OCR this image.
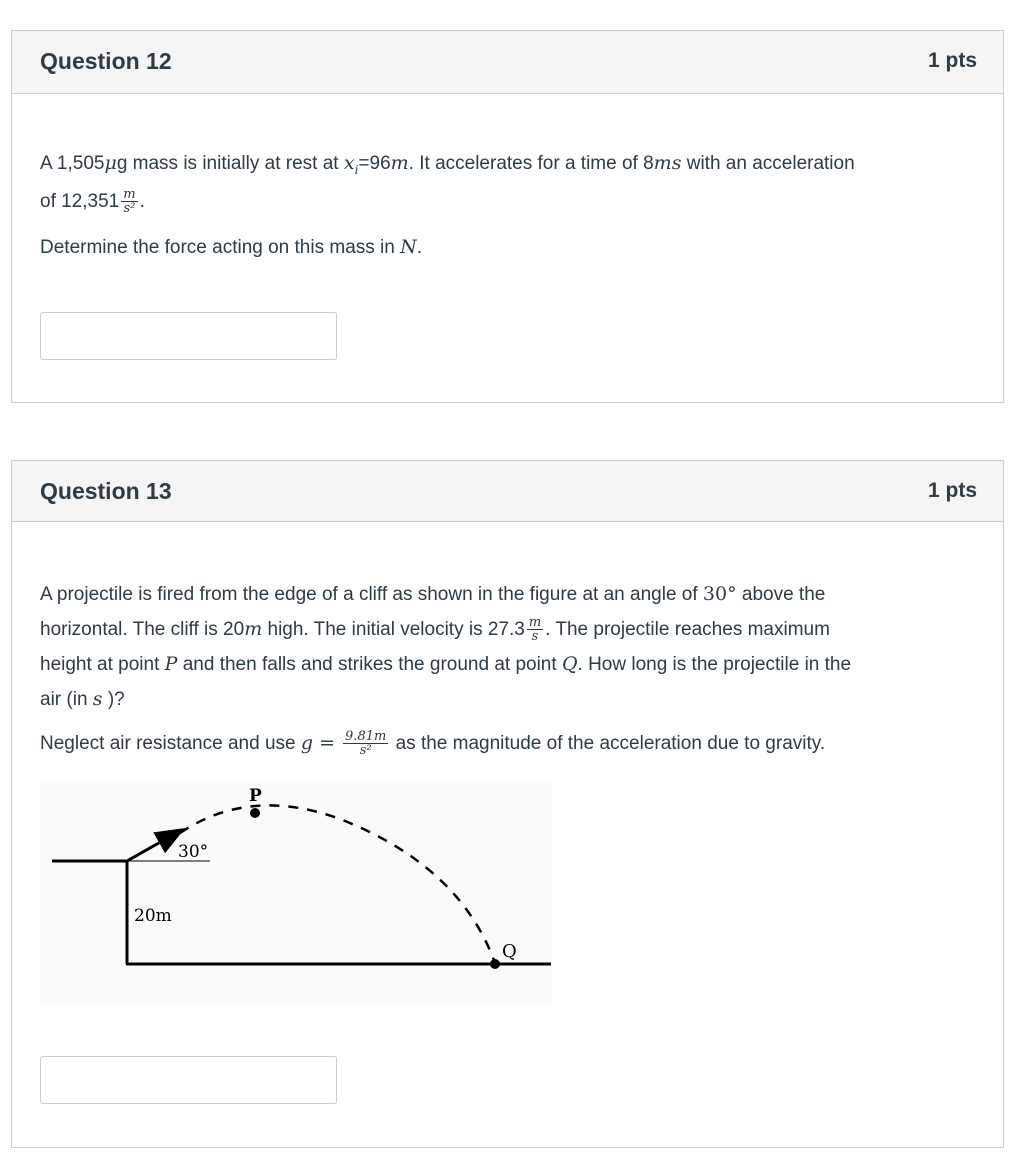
Question 12	1 pts
A 1,505μg mass is initially at rest at $x_i=96m$. It accelerates for a time of 8ms with an acceleration
of $12,351 \frac{m}{\text{s²}}$ .
Determine the force acting on this mass in N.
Question 13	1 pts
A projectile is fired from the edge of a cliff as shown in the figure at an angle of 30° above the
horizontal. The cliff is 20m high. The initial velocity is $27.3 \frac{m}{s}$ . The projectile reaches maximum
height at point P and then falls and strikes the ground at point Q. How long is the projectile in the
air (in s )?
Neglect air resistance and use $g = \frac{9.81m}{\text{s²}}$ as the magnitude of the acceleration due to gravity.
P
Q
30°
20m
